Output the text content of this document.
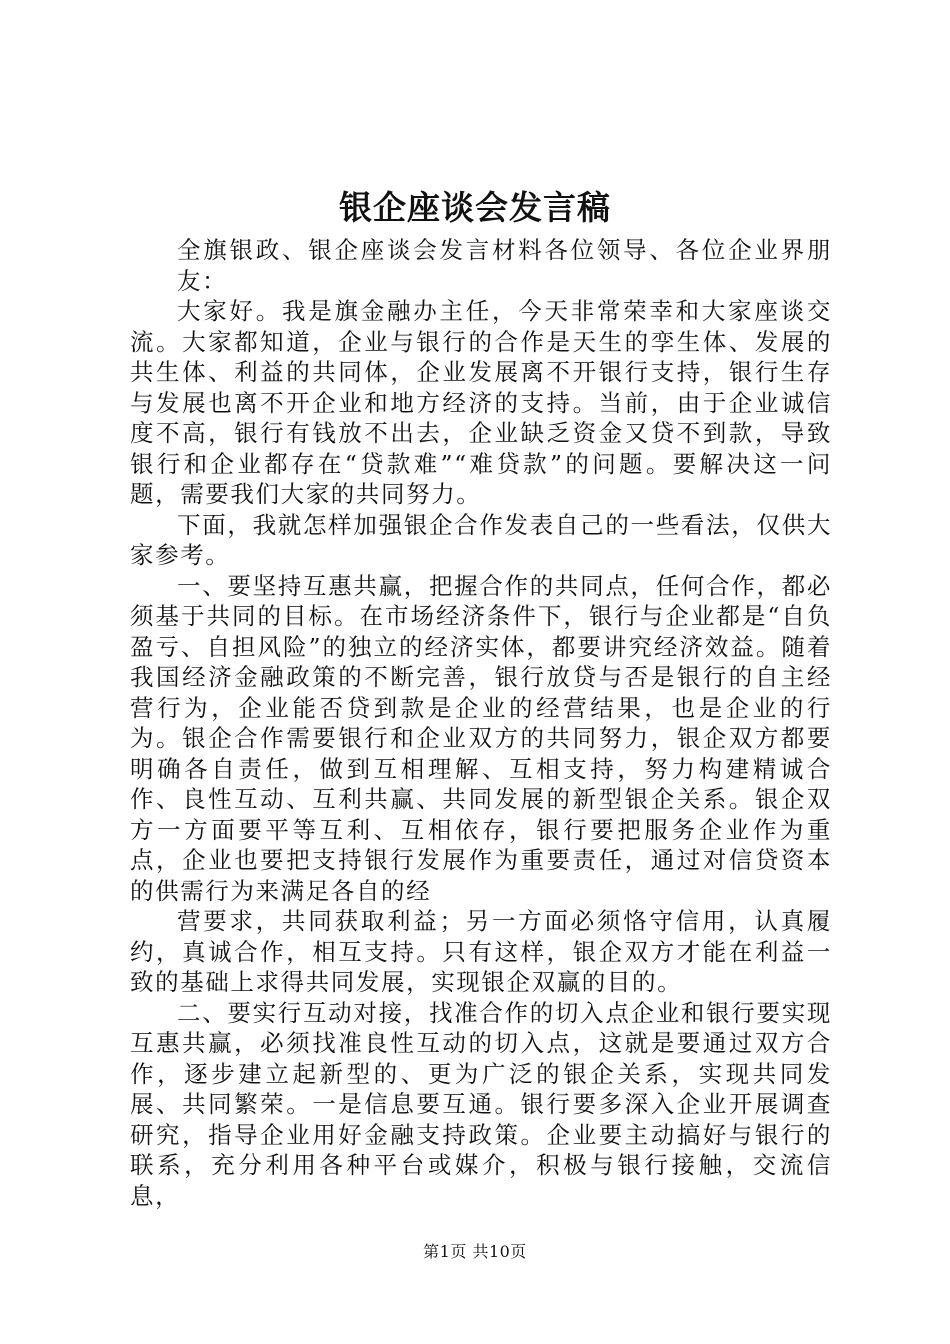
银企座谈会发言稿

全旗银政、银企座谈会发言材料各位领导、各位企业界朋友：

大家好。我是旗金融办主任，今天非常荣幸和大家座谈交流。大家都知道，企业与银行的合作是天生的孪生体、发展的共生体、利益的共同体，企业发展离不开银行支持，银行生存与发展也离不开企业和地方经济的支持。当前，由于企业诚信度不高，银行有钱放不出去，企业缺乏资金又贷不到款，导致银行和企业都存在“贷款难”“难贷款”的问题。要解决这一问题，需要我们大家的共同努力。

下面，我就怎样加强银企合作发表自己的一些看法，仅供大家参考。

一、要坚持互惠共赢，把握合作的共同点，任何合作，都必须基于共同的目标。在市场经济条件下，银行与企业都是“自负盈亏、自担风险”的独立的经济实体，都要讲究经济效益。随着我国经济金融政策的不断完善，银行放贷与否是银行的自主经营行为，企业能否贷到款是企业的经营结果，也是企业的行为。银企合作需要银行和企业双方的共同努力，银企双方都要明确各自责任，做到互相理解、互相支持，努力构建精诚合作、良性互动、互利共赢、共同发展的新型银企关系。银企双方一方面要平等互利、互相依存，银行要把服务企业作为重点，企业也要把支持银行发展作为重要责任，通过对信贷资本的供需行为来满足各自的经

营要求，共同获取利益；另一方面必须恪守信用，认真履约，真诚合作，相互支持。只有这样，银企双方才能在利益一致的基础上求得共同发展，实现银企双赢的目的。

二、要实行互动对接，找准合作的切入点企业和银行要实现互惠共赢，必须找准良性互动的切入点，这就是要通过双方合作，逐步建立起新型的、更为广泛的银企关系，实现共同发展、共同繁荣。一是信息要互通。银行要多深入企业开展调查研究，指导企业用好金融支持政策。企业要主动搞好与银行的联系，充分利用各种平台或媒介，积极与银行接触，交流信息，

第1页 共10页
